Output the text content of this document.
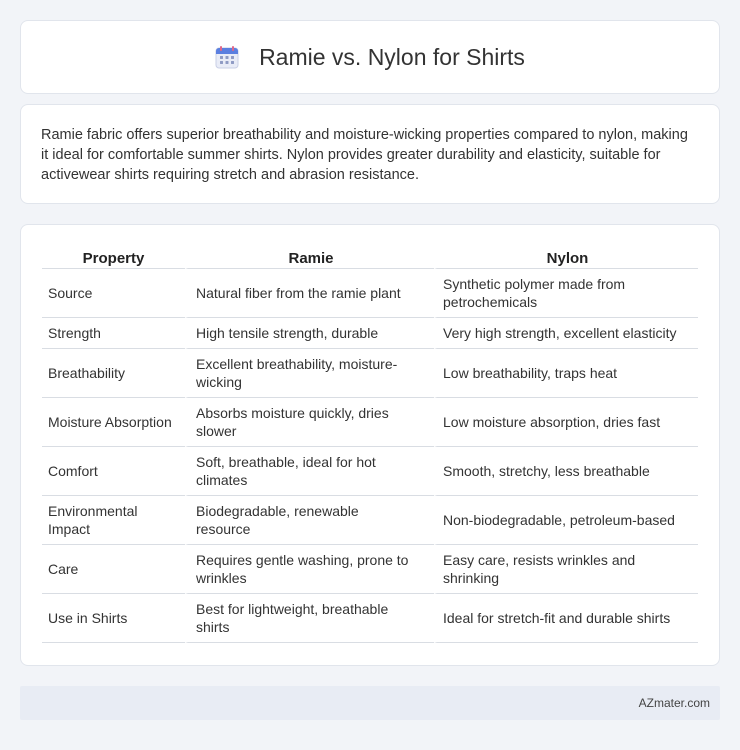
Ramie vs. Nylon for Shirts

Ramie fabric offers superior breathability and moisture-wicking properties compared to nylon, making it ideal for comfortable summer shirts. Nylon provides greater durability and elasticity, suitable for activewear shirts requiring stretch and abrasion resistance.

Property	Ramie	Nylon
Source	Natural fiber from the ramie plant	Synthetic polymer made from petrochemicals
Strength	High tensile strength, durable	Very high strength, excellent elasticity
Breathability	Excellent breathability, moisture-wicking	Low breathability, traps heat
Moisture Absorption	Absorbs moisture quickly, dries slower	Low moisture absorption, dries fast
Comfort	Soft, breathable, ideal for hot climates	Smooth, stretchy, less breathable
Environmental Impact	Biodegradable, renewable resource	Non-biodegradable, petroleum-based
Care	Requires gentle washing, prone to wrinkles	Easy care, resists wrinkles and shrinking
Use in Shirts	Best for lightweight, breathable shirts	Ideal for stretch-fit and durable shirts
AZmater.com
